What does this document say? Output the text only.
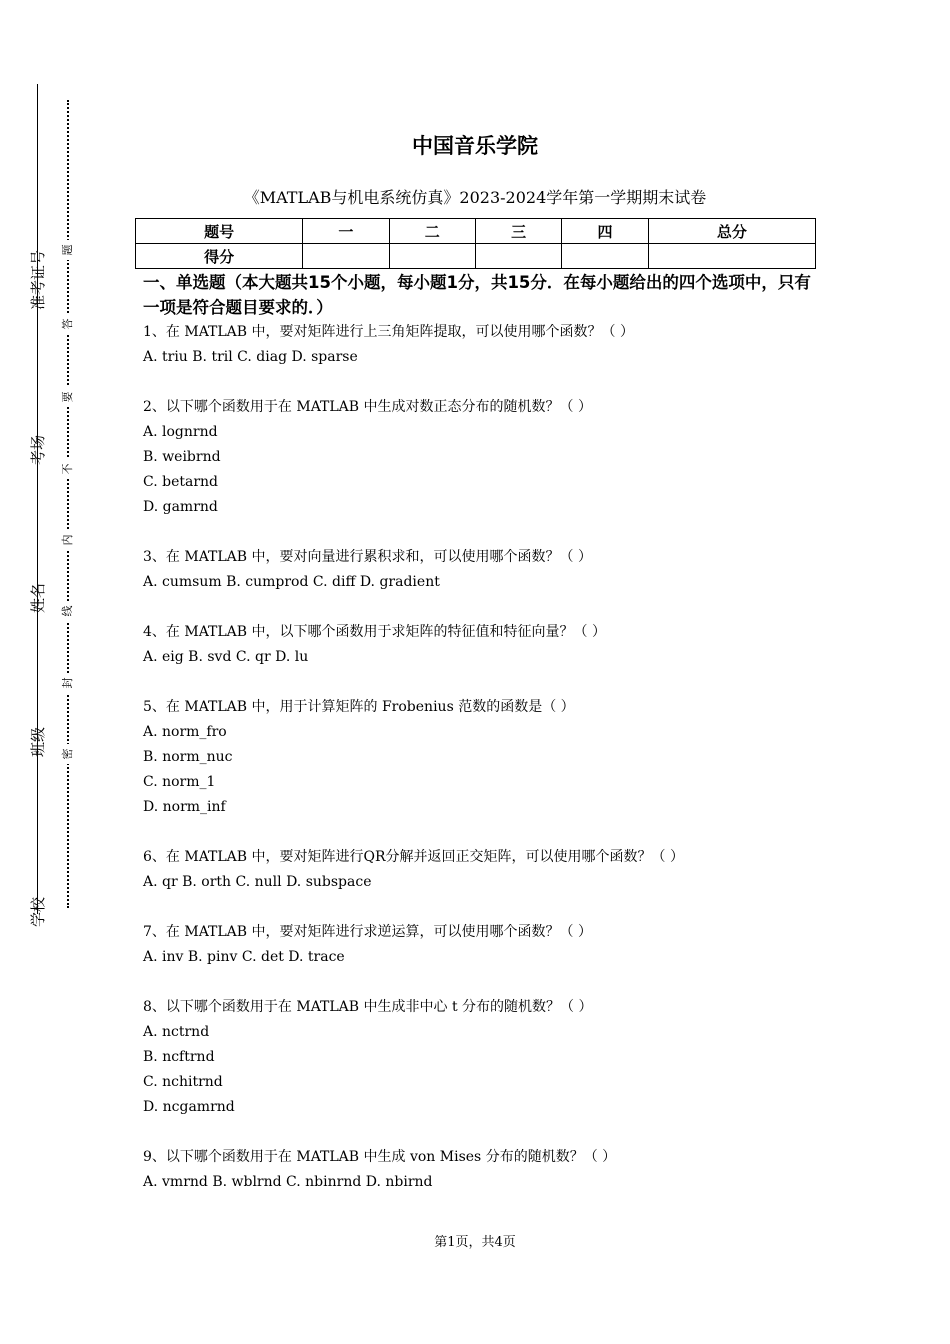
准考证号
考场
姓名
班级
学校
题
答
要
不
内
线
封
密
中国音乐学院
《MATLAB与机电系统仿真》2023-2024学年第一学期期末试卷
题号	一	二	三	四	总分
得分					
一、单选题（本大题共15个小题，每小题1分，共15分．在每小题给出的四个选项中，只有一项是符合题目要求的．）

1、在 MATLAB 中，要对矩阵进行上三角矩阵提取，可以使用哪个函数？（ ）

A. triu B. tril C. diag D. sparse

2、以下哪个函数用于在 MATLAB 中生成对数正态分布的随机数？（ ）

A. lognrnd

B. weibrnd

C. betarnd

D. gamrnd

3、在 MATLAB 中，要对向量进行累积求和，可以使用哪个函数？（ ）

A. cumsum B. cumprod C. diff D. gradient

4、在 MATLAB 中，以下哪个函数用于求矩阵的特征值和特征向量？（ ）

A. eig B. svd C. qr D. lu

5、在 MATLAB 中，用于计算矩阵的 Frobenius 范数的函数是（ ）

A. norm_fro

B. norm_nuc

C. norm_1

D. norm_inf

6、在 MATLAB 中，要对矩阵进行QR分解并返回正交矩阵，可以使用哪个函数？（ ）

A. qr B. orth C. null D. subspace

7、在 MATLAB 中，要对矩阵进行求逆运算，可以使用哪个函数？（ ）

A. inv B. pinv C. det D. trace

8、以下哪个函数用于在 MATLAB 中生成非中心 t 分布的随机数？（ ）

A. nctrnd

B. ncftrnd

C. nchitrnd

D. ncgamrnd

9、以下哪个函数用于在 MATLAB 中生成 von Mises 分布的随机数？（ ）

A. vmrnd B. wblrnd C. nbinrnd D. nbirnd

第1页，共4页
